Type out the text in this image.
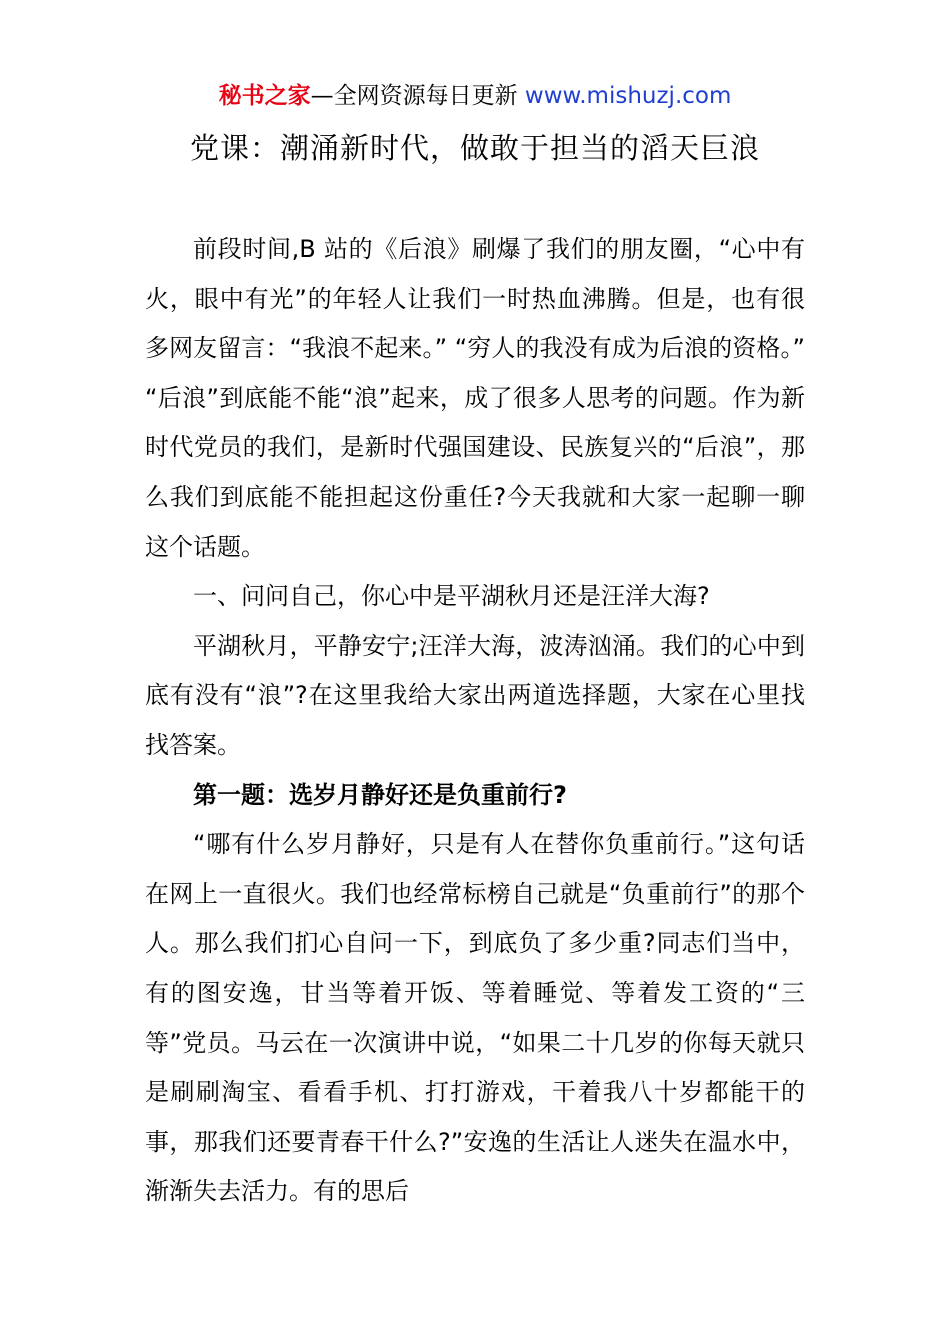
秘书之家—全网资源每日更新 www.mishuzj.com
党课：潮涌新时代，做敢于担当的滔天巨浪

前段时间,B 站的《后浪》刷爆了我们的朋友圈，“心中有火，眼中有光”的年轻人让我们一时热血沸腾。但是，也有很多网友留言：“我浪不起来。” “穷人的我没有成为后浪的资格。” “后浪”到底能不能“浪”起来，成了很多人思考的问题。作为新时代党员的我们，是新时代强国建设、民族复兴的“后浪”，那么我们到底能不能担起这份重任?今天我就和大家一起聊一聊这个话题。

一、问问自己，你心中是平湖秋月还是汪洋大海?

平湖秋月，平静安宁;汪洋大海，波涛汹涌。我们的心中到底有没有“浪”?在这里我给大家出两道选择题，大家在心里找找答案。

第一题：选岁月静好还是负重前行?

“哪有什么岁月静好，只是有人在替你负重前行。”这句话在网上一直很火。我们也经常标榜自己就是“负重前行”的那个人。那么我们扪心自问一下，到底负了多少重?同志们当中，有的图安逸，甘当等着开饭、等着睡觉、等着发工资的“三等”党员。马云在一次演讲中说，“如果二十几岁的你每天就只是刷刷淘宝、看看手机、打打游戏，干着我八十岁都能干的事，那我们还要青春干什么?”安逸的生活让人迷失在温水中，渐渐失去活力。有的思后
